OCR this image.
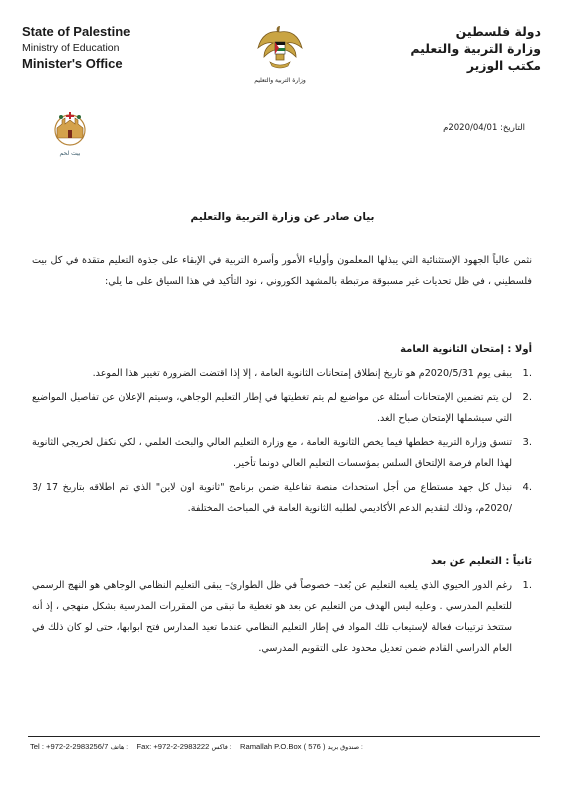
State of Palestine
Ministry of Education
Minister's Office
وزارة التربية والتعليم
دولة فلسطين
وزارة التربية والتعليم
مكتب الوزير
بيت لحم
التاريخ: 2020/04/01م
بيان صادر عن وزارة التربية والتعليم
نثمن عالياً الجهود الإستثنائية التي يبذلها المعلمون وأولياء الأمور وأسرة التربية في الإبقاء على جذوة التعليم متقدة في كل بيت فلسطيني ، في ظل تحديات غير مسبوقة مرتبطة بالمشهد الكوروني ، نود التأكيد في هذا السياق على ما يلي:
أولا : إمتحان الثانوية العامة
1.
يبقى يوم 2020/5/31م هو تاريخ إنطلاق إمتحانات الثانوية العامة ، إلا إذا اقتضت الضرورة تغيير هذا الموعد.
2.
لن يتم تضمين الإمتحانات أسئلة عن مواضيع لم يتم تغطيتها في إطار التعليم الوجاهي، وسيتم الإعلان عن تفاصيل المواضيع التي سيشملها الإمتحان صباح الغد.
3.
تنسق وزارة التربية خططها فيما يخص الثانوية العامة ، مع وزارة التعليم العالي والبحث العلمي ، لكي نكفل لخريجي الثانوية لهذا العام فرصة الإلتحاق السلس بمؤسسات التعليم العالي دونما تأخير.
4.
نبذل كل جهد مستطاع من أجل استحداث منصة تفاعلية ضمن برنامج "ثانوية اون لاين" الذي تم اطلاقه بتاريخ 17 /3 /2020م، وذلك لتقديم الدعم الأكاديمي لطلبه الثانوية العامة في المباحث المختلفة.
ثانياً : التعليم عن بعد
1.
رغم الدور الحيوي الذي يلعبه التعليم عن بُعد– خصوصاً في ظل الطوارئ– يبقى التعليم النظامي الوجاهي هو النهج الرسمي للتعليم المدرسي . وعليه ليس الهدف من التعليم عن بعد هو تغطية ما تبقى من المقررات المدرسية بشكل منهجي ، إذ أنه ستتخذ ترتيبات فعالة لإستيعاب تلك المواد في إطار التعليم النظامي عندما تعيد المدارس فتح ابوابها، حتى لو كان ذلك في العام الدراسي القادم ضمن تعديل محدود على التقويم المدرسي.
Tel : +972-2-2983256/7 هاتف : Fax: +972-2-2983222 فاكس : Ramallah P.O.Box ( 576 ) صندوق بريد :
